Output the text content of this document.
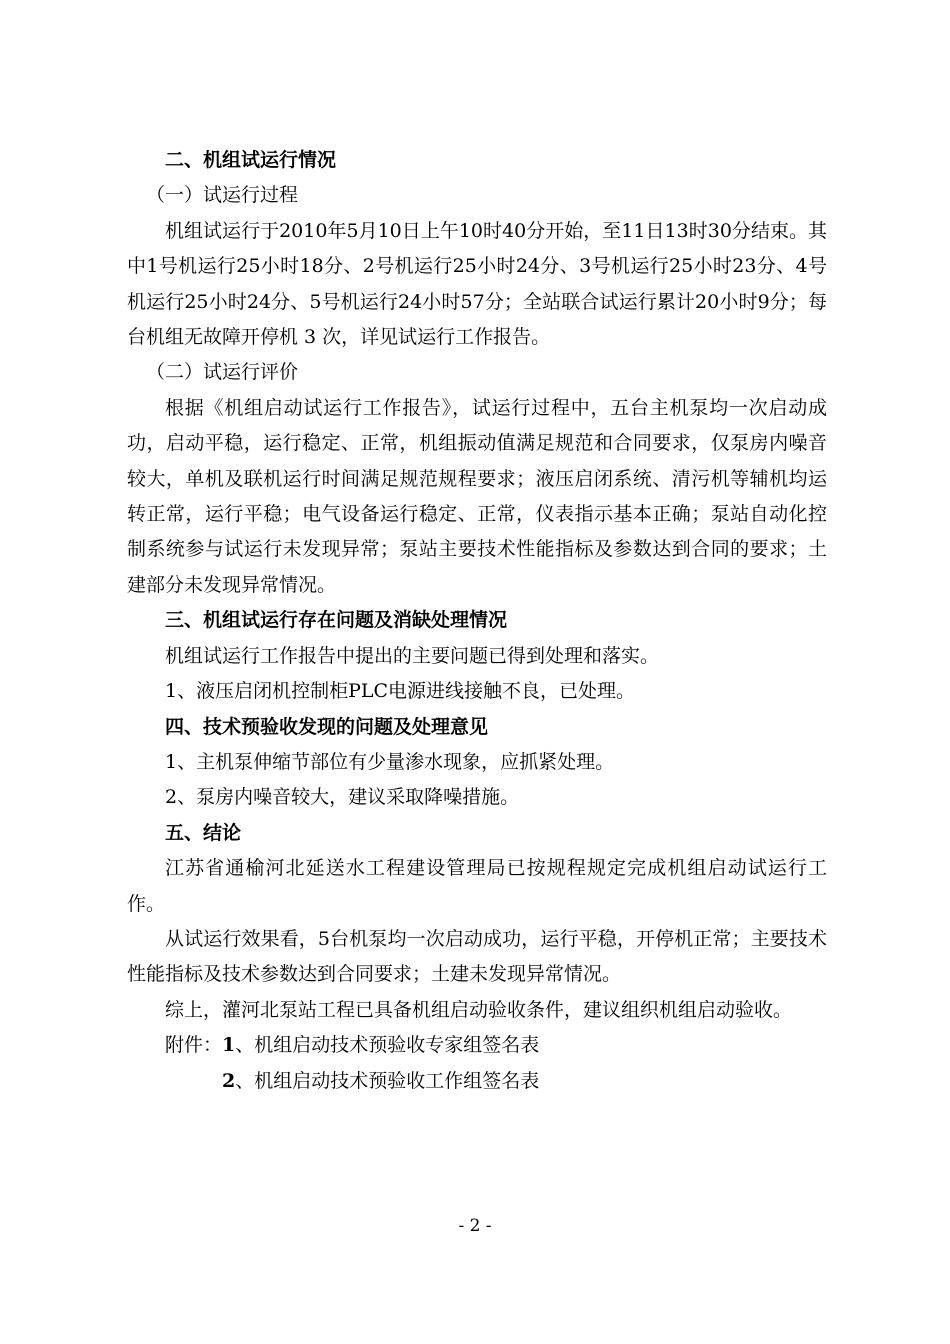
二、机组试运行情况

（一）试运行过程

机组试运行于2010年5月10日上午10时40分开始，至11日13时30分结束。其中1号机运行25小时18分、2号机运行25小时24分、3号机运行25小时23分、4号机运行25小时24分、5号机运行24小时57分；全站联合试运行累计20小时9分；每台机组无故障开停机 3 次，详见试运行工作报告。

（二）试运行评价

根据《机组启动试运行工作报告》，试运行过程中，五台主机泵均一次启动成功，启动平稳，运行稳定、正常，机组振动值满足规范和合同要求，仅泵房内噪音较大，单机及联机运行时间满足规范规程要求；液压启闭系统、清污机等辅机均运转正常，运行平稳；电气设备运行稳定、正常，仪表指示基本正确；泵站自动化控制系统参与试运行未发现异常；泵站主要技术性能指标及参数达到合同的要求；土建部分未发现异常情况。

三、机组试运行存在问题及消缺处理情况

机组试运行工作报告中提出的主要问题已得到处理和落实。

1、液压启闭机控制柜PLC电源进线接触不良，已处理。

四、技术预验收发现的问题及处理意见

1、主机泵伸缩节部位有少量渗水现象，应抓紧处理。

2、泵房内噪音较大，建议采取降噪措施。

五、结论

江苏省通榆河北延送水工程建设管理局已按规程规定完成机组启动试运行工作。

从试运行效果看，5台机泵均一次启动成功，运行平稳，开停机正常；主要技术性能指标及技术参数达到合同要求；土建未发现异常情况。

综上，灌河北泵站工程已具备机组启动验收条件，建议组织机组启动验收。

附件：1、机组启动技术预验收专家组签名表

2、机组启动技术预验收工作组签名表

- 2 -
